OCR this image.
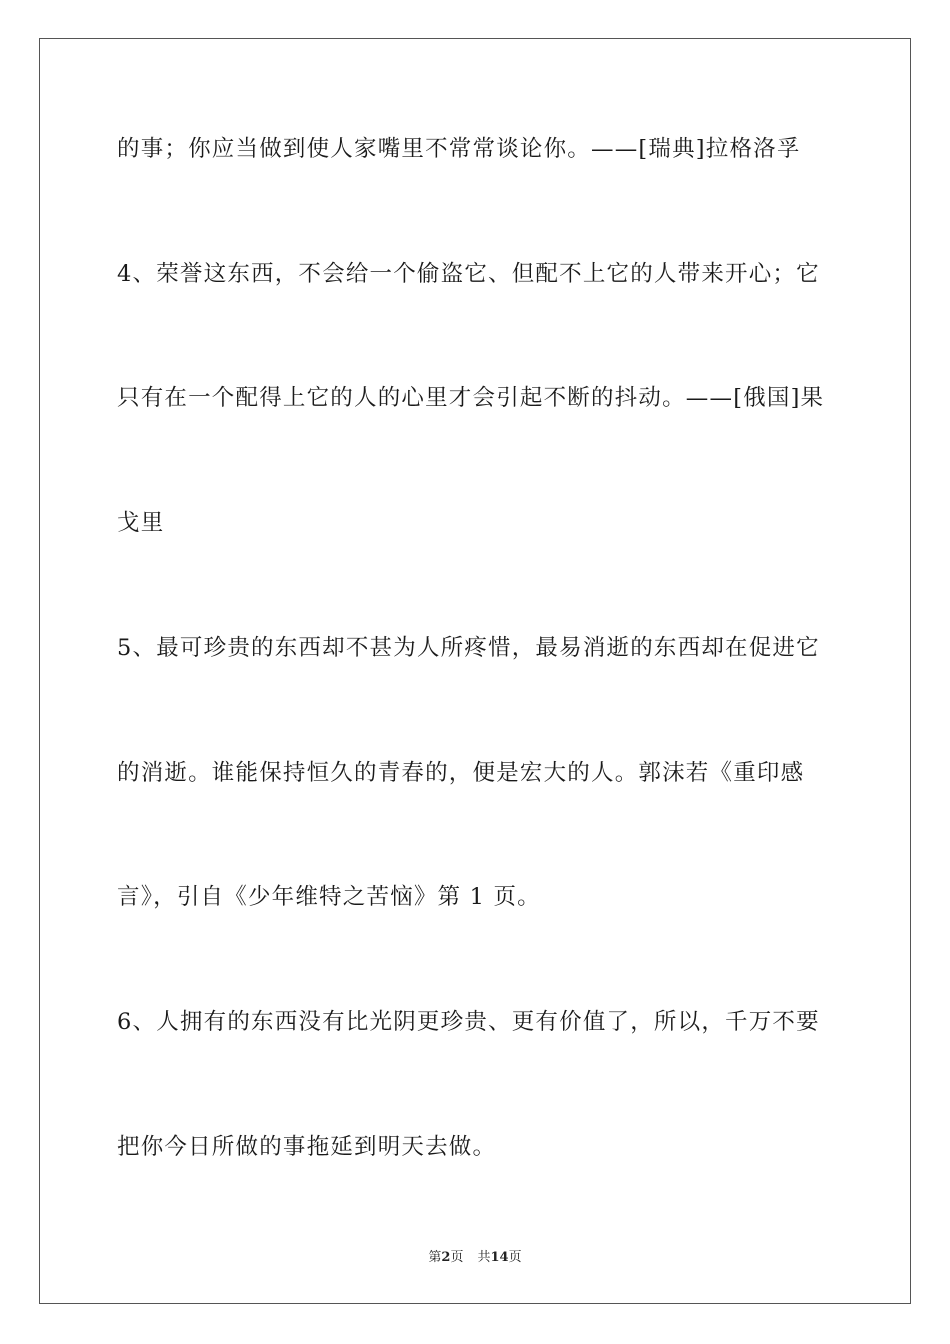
的事；你应当做到使人家嘴里不常常谈论你。——[瑞典]拉格洛孚
4、荣誉这东西，不会给一个偷盗它、但配不上它的人带来开心；它
只有在一个配得上它的人的心里才会引起不断的抖动。——[俄国]果
戈里
5、最可珍贵的东西却不甚为人所疼惜，最易消逝的东西却在促进它
的消逝。谁能保持恒久的青春的，便是宏大的人。郭沫若《重印感
言》，引自《少年维特之苦恼》第 1 页。
6、人拥有的东西没有比光阴更珍贵、更有价值了，所以，千万不要
把你今日所做的事拖延到明天去做。
第2页 共14页
